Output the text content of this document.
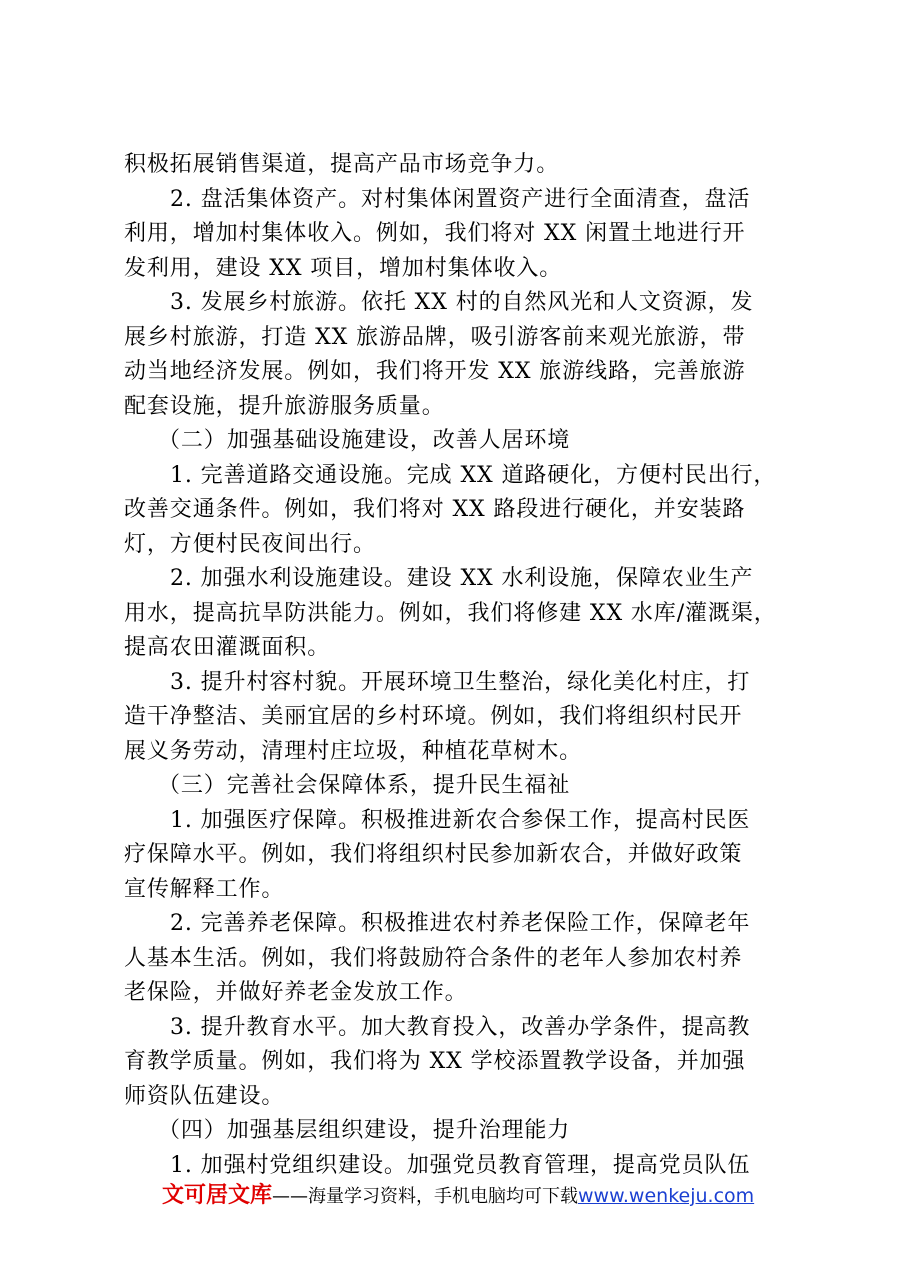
积极拓展销售渠道，提高产品市场竞争力。
2. 盘活集体资产。对村集体闲置资产进行全面清查，盘活
利用，增加村集体收入。例如，我们将对 XX 闲置土地进行开
发利用，建设 XX 项目，增加村集体收入。
3. 发展乡村旅游。依托 XX 村的自然风光和人文资源，发
展乡村旅游，打造 XX 旅游品牌，吸引游客前来观光旅游，带
动当地经济发展。例如，我们将开发 XX 旅游线路，完善旅游
配套设施，提升旅游服务质量。
（二）加强基础设施建设，改善人居环境
1. 完善道路交通设施。完成 XX 道路硬化，方便村民出行，
改善交通条件。例如，我们将对 XX 路段进行硬化，并安装路
灯，方便村民夜间出行。
2. 加强水利设施建设。建设 XX 水利设施，保障农业生产
用水，提高抗旱防洪能力。例如，我们将修建 XX 水库/灌溉渠，
提高农田灌溉面积。
3. 提升村容村貌。开展环境卫生整治，绿化美化村庄，打
造干净整洁、美丽宜居的乡村环境。例如，我们将组织村民开
展义务劳动，清理村庄垃圾，种植花草树木。
（三）完善社会保障体系，提升民生福祉
1. 加强医疗保障。积极推进新农合参保工作，提高村民医
疗保障水平。例如，我们将组织村民参加新农合，并做好政策
宣传解释工作。
2. 完善养老保障。积极推进农村养老保险工作，保障老年
人基本生活。例如，我们将鼓励符合条件的老年人参加农村养
老保险，并做好养老金发放工作。
3. 提升教育水平。加大教育投入，改善办学条件，提高教
育教学质量。例如，我们将为 XX 学校添置教学设备，并加强
师资队伍建设。
（四）加强基层组织建设，提升治理能力
1. 加强村党组织建设。加强党员教育管理，提高党员队伍
文可居文库——海量学习资料，手机电脑均可下载www.wenkeju.com
